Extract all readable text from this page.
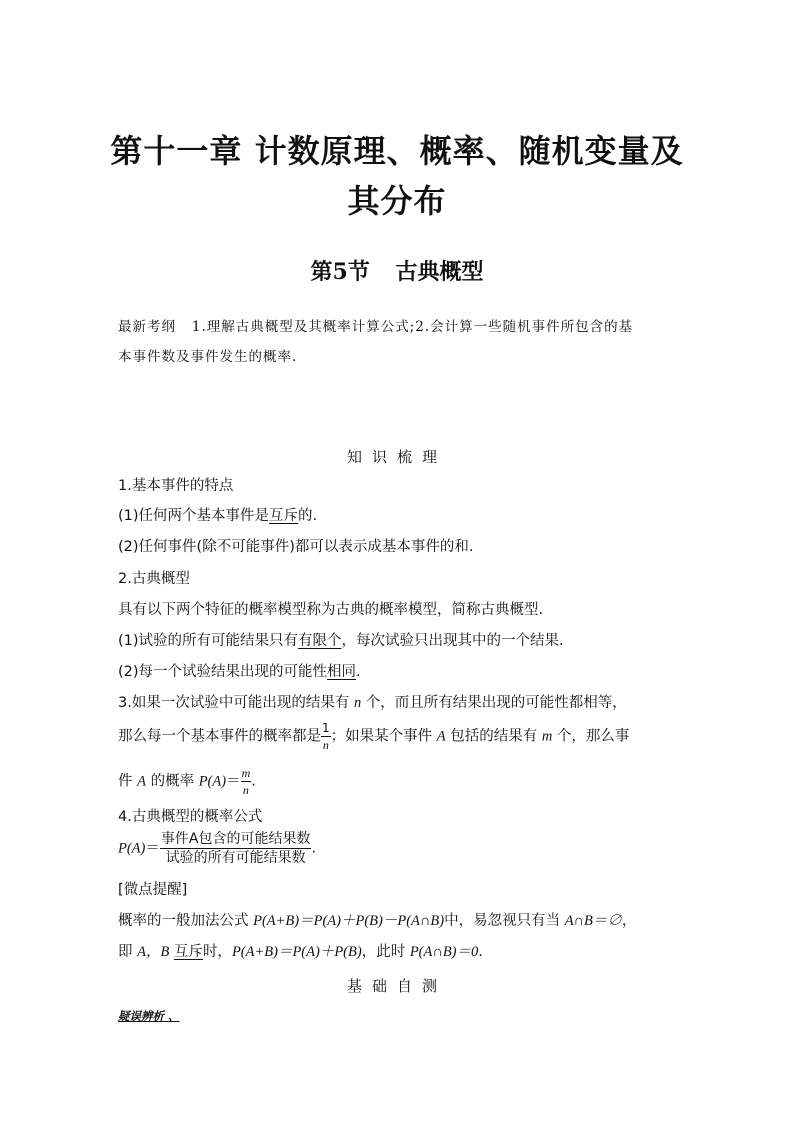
第十一章 计数原理、概率、随机变量及
其分布
第5节 古典概型
最新考纲 1.理解古典概型及其概率计算公式;2.会计算一些随机事件所包含的基
本事件数及事件发生的概率.
知识梳理
1.基本事件的特点
(1)任何两个基本事件是互斥的.
(2)任何事件(除不可能事件)都可以表示成基本事件的和.
2.古典概型
具有以下两个特征的概率模型称为古典的概率模型，简称古典概型.
(1)试验的所有可能结果只有有限个，每次试验只出现其中的一个结果.
(2)每一个试验结果出现的可能性相同.
3.如果一次试验中可能出现的结果有 n 个，而且所有结果出现的可能性都相等，
那么每一个基本事件的概率都是 $\frac{1}{n}$ ；如果某个事件 A 包括的结果有 m 个，那么事
件 A 的概率 $P(A)= \frac{m}{n}$ .
4.古典概型的概率公式
$P(A)= \frac{\text{事件A包含的可能结果数}}{\text{试验的所有可能结果数}}$ .
[微点提醒]
概率的一般加法公式 P(A+B)＝P(A)＋P(B)－P(A∩B)中，易忽视只有当 A∩B＝∅，
即 A，B 互斥时，P(A+B)＝P(A)＋P(B)，此时 P(A∩B)＝0.
基础自测
疑误辨析 、
